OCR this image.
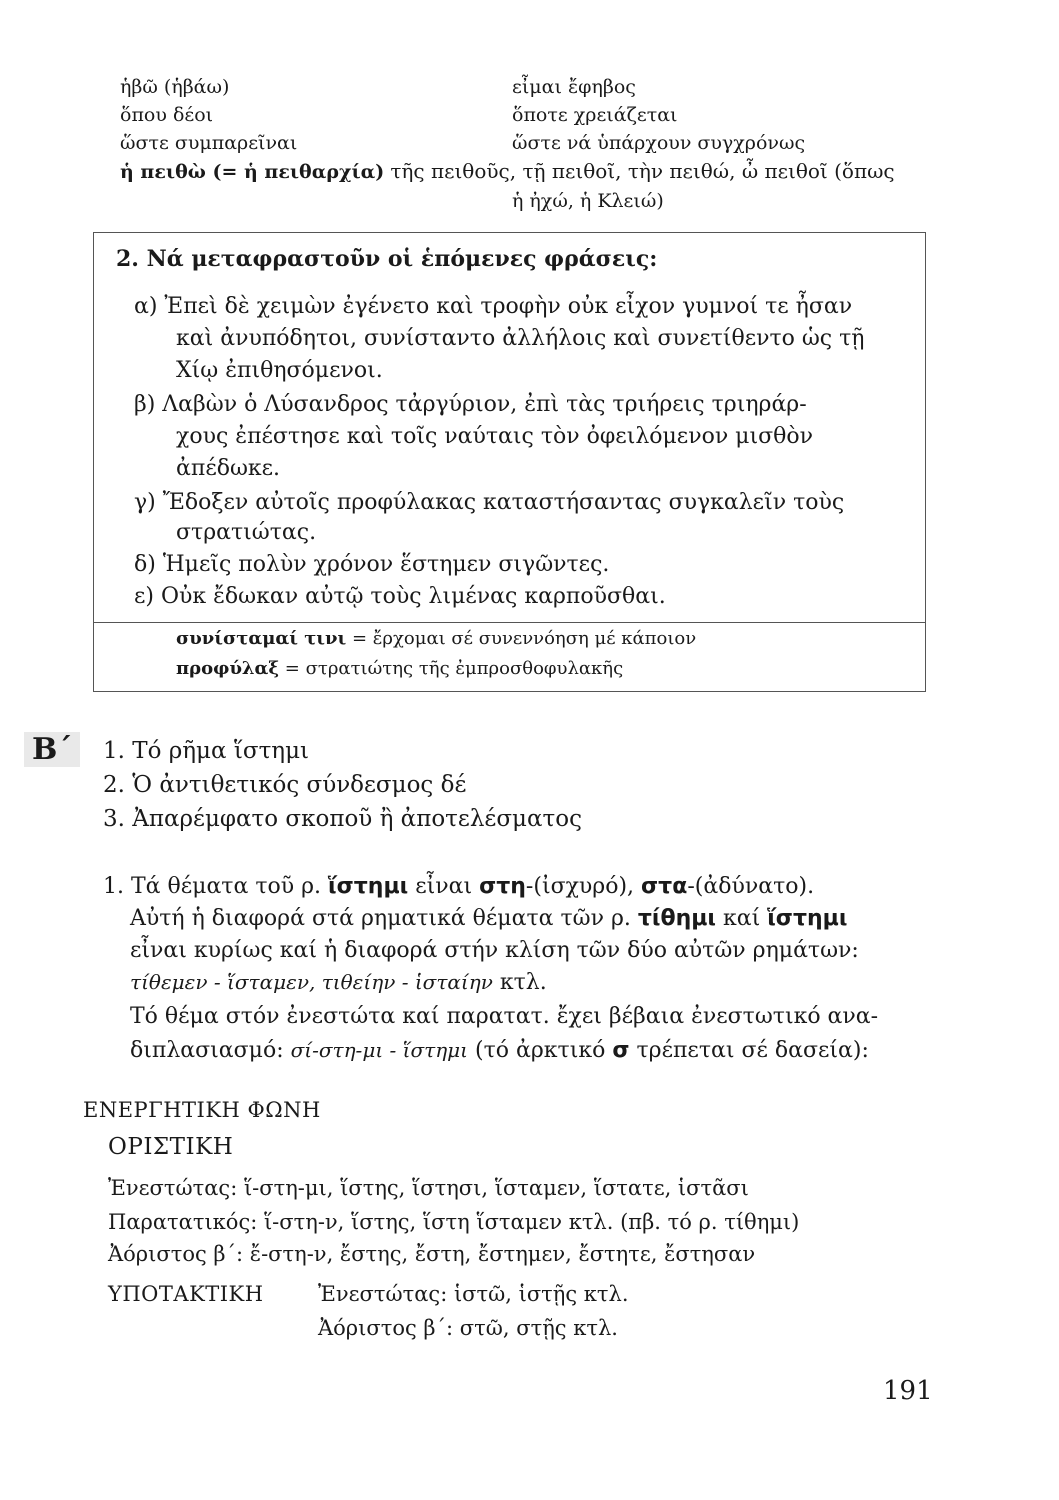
ἡβῶ (ἡβάω)	εἶμαι ἔφηβος
ὅπου δέοι	ὅποτε χρειάζεται
ὥστε συμπαρεῖναι	ὥστε νά ὑπάρχουν συγχρόνως
ἡ πειθὼ (= ἡ πειθαρχία) τῆς πειθοῦς, τῇ πειθοῖ, τὴν πειθώ, ὦ πειθοῖ (ὅπως
ἡ ἠχώ, ἡ Κλειώ)
2. Νά μεταφραστοῦν οἱ ἑπόμενες φράσεις:
α) Ἐπεὶ δὲ χειμὼν ἐγένετο καὶ τροφὴν οὐκ εἶχον γυμνοί τε ἦσαν
καὶ ἀνυπόδητοι, συνίσταντο ἀλλήλοις καὶ συνετίθεντο ὡς τῇ
Χίῳ ἐπιθησόμενοι.
β) Λαβὼν ὁ Λύσανδρος τἀργύριον, ἐπὶ τὰς τριήρεις τριηράρ-
χους ἐπέστησε καὶ τοῖς ναύταις τὸν ὀφειλόμενον μισθὸν
ἀπέδωκε.
γ) Ἔδοξεν αὐτοῖς προφύλακας καταστήσαντας συγκαλεῖν τοὺς
στρατιώτας.
δ) Ἡμεῖς πολὺν χρόνον ἕστημεν σιγῶντες.
ε) Οὐκ ἔδωκαν αὐτῷ τοὺς λιμένας καρποῦσθαι.
συνίσταμαί τινι = ἔρχομαι σέ συνεννόηση μέ κάποιον
προφύλαξ = στρατιώτης τῆς ἐμπροσθοφυλακῆς
Β΄	1. Τό ρῆμα ἵστημι
2. Ὁ ἀντιθετικός σύνδεσμος δέ
3. Ἀπαρέμφατο σκοποῦ ἢ ἀποτελέσματος
1. Τά θέματα τοῦ ρ. ἵστημι εἶναι στη-(ἰσχυρό), στα-(ἀδύνατο).
Αὐτή ἡ διαφορά στά ρηματικά θέματα τῶν ρ. τίθημι καί ἵστημι
εἶναι κυρίως καί ἡ διαφορά στήν κλίση τῶν δύο αὐτῶν ρημάτων:
τίθεμεν - ἵσταμεν, τιθείην - ἱσταίην κτλ.
Τό θέμα στόν ἐνεστώτα καί παρατατ. ἔχει βέβαια ἐνεστωτικό ανα-
διπλασιασμό: σί-στη-μι - ἵστημι (τό ἀρκτικό σ τρέπεται σέ δασεία):
ΕΝΕΡΓΗΤΙΚΗ ΦΩΝΗ
ΟΡΙΣΤΙΚΗ
Ἐνεστώτας: ἵ-στη-μι, ἵστης, ἵστησι, ἵσταμεν, ἵστατε, ἱστᾶσι
Παρατατικός: ἵ-στη-ν, ἵστης, ἵστη ἵσταμεν κτλ. (πβ. τό ρ. τίθημι)
Ἀόριστος β΄: ἔ-στη-ν, ἔστης, ἔστη, ἔστημεν, ἔστητε, ἔστησαν
ΥΠΟΤΑΚΤΙΚΗ	Ἐνεστώτας: ἱστῶ, ἱστῇς κτλ.
Ἀόριστος β΄: στῶ, στῇς κτλ.
191
